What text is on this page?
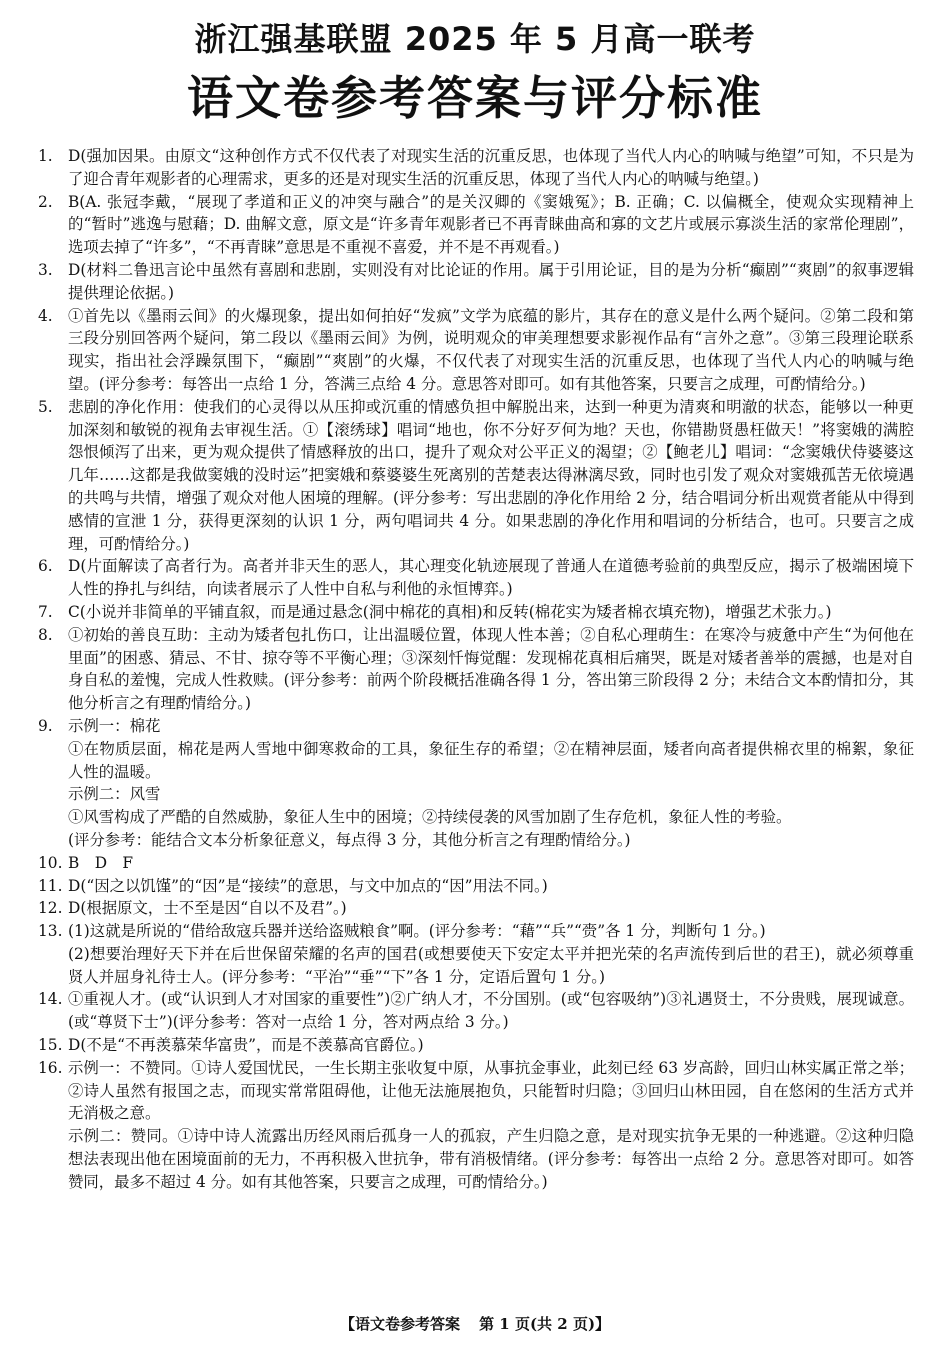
浙江强基联盟 2025 年 5 月高一联考
语文卷参考答案与评分标准
1. D(强加因果。由原文“这种创作方式不仅代表了对现实生活的沉重反思，也体现了当代人内心的呐喊与绝望”可知，不只是为了迎合青年观影者的心理需求，更多的还是对现实生活的沉重反思，体现了当代人内心的呐喊与绝望。)
2. B(A. 张冠李戴，“展现了孝道和正义的冲突与融合”的是关汉卿的《窦娥冤》；B. 正确；C. 以偏概全，使观众实现精神上的“暂时”逃逸与慰藉；D. 曲解文意，原文是“许多青年观影者已不再青睐曲高和寡的文艺片或展示寡淡生活的家常伦理剧”，选项去掉了“许多”，“不再青睐”意思是不重视不喜爱，并不是不再观看。)
3. D(材料二鲁迅言论中虽然有喜剧和悲剧，实则没有对比论证的作用。属于引用论证，目的是为分析“癫剧”“爽剧”的叙事逻辑提供理论依据。)
4. ①首先以《墨雨云间》的火爆现象，提出如何拍好“发疯”文学为底蕴的影片，其存在的意义是什么两个疑问。②第二段和第三段分别回答两个疑问，第二段以《墨雨云间》为例，说明观众的审美理想要求影视作品有“言外之意”。③第三段理论联系现实，指出社会浮躁氛围下，“癫剧”“爽剧”的火爆，不仅代表了对现实生活的沉重反思，也体现了当代人内心的呐喊与绝望。(评分参考：每答出一点给 1 分，答满三点给 4 分。意思答对即可。如有其他答案，只要言之成理，可酌情给分。)
5. 悲剧的净化作用：使我们的心灵得以从压抑或沉重的情感负担中解脱出来，达到一种更为清爽和明澈的状态，能够以一种更加深刻和敏锐的视角去审视生活。①【滚绣球】唱词“地也，你不分好歹何为地？天也，你错勘贤愚枉做天！”将窦娥的满腔怨恨倾泻了出来，更为观众提供了情感释放的出口，提升了观众对公平正义的渴望；②【鲍老儿】唱词：“念窦娥伏侍婆婆这几年……这都是我做窦娥的没时运”把窦娥和蔡婆婆生死离别的苦楚表达得淋漓尽致，同时也引发了观众对窦娥孤苦无依境遇的共鸣与共情，增强了观众对他人困境的理解。(评分参考：写出悲剧的净化作用给 2 分，结合唱词分析出观赏者能从中得到感情的宣泄 1 分，获得更深刻的认识 1 分，两句唱词共 4 分。如果悲剧的净化作用和唱词的分析结合，也可。只要言之成理，可酌情给分。)
6. D(片面解读了高者行为。高者并非天生的恶人，其心理变化轨迹展现了普通人在道德考验前的典型反应，揭示了极端困境下人性的挣扎与纠结，向读者展示了人性中自私与利他的永恒博弈。)
7. C(小说并非简单的平铺直叙，而是通过悬念(洞中棉花的真相)和反转(棉花实为矮者棉衣填充物)，增强艺术张力。)
8. ①初始的善良互助：主动为矮者包扎伤口，让出温暖位置，体现人性本善；②自私心理萌生：在寒冷与疲惫中产生“为何他在里面”的困惑、猜忌、不甘、掠夺等不平衡心理；③深刻忏悔觉醒：发现棉花真相后痛哭，既是对矮者善举的震撼，也是对自身自私的羞愧，完成人性救赎。(评分参考：前两个阶段概括准确各得 1 分，答出第三阶段得 2 分；未结合文本酌情扣分，其他分析言之有理酌情给分。)
9. 示例一：棉花
①在物质层面，棉花是两人雪地中御寒救命的工具，象征生存的希望；②在精神层面，矮者向高者提供棉衣里的棉絮，象征人性的温暖。
示例二：风雪
①风雪构成了严酷的自然威胁，象征人生中的困境；②持续侵袭的风雪加剧了生存危机，象征人性的考验。
(评分参考：能结合文本分析象征意义，每点得 3 分，其他分析言之有理酌情给分。)
10. B　D　F
11. D(“因之以饥馑”的“因”是“接续”的意思，与文中加点的“因”用法不同。)
12. D(根据原文，士不至是因“自以不及君”。)
13. (1)这就是所说的“借给敌寇兵器并送给盗贼粮食”啊。(评分参考：“藉”“兵”“赍”各 1 分，判断句 1 分。)
(2)想要治理好天下并在后世保留荣耀的名声的国君(或想要使天下安定太平并把光荣的名声流传到后世的君王)，就必须尊重贤人并屈身礼待士人。(评分参考：“平治”“垂”“下”各 1 分，定语后置句 1 分。)
14. ①重视人才。(或“认识到人才对国家的重要性”)②广纳人才，不分国别。(或“包容吸纳”)③礼遇贤士，不分贵贱，展现诚意。(或“尊贤下士”)(评分参考：答对一点给 1 分，答对两点给 3 分。)
15. D(不是“不再羡慕荣华富贵”，而是不羡慕高官爵位。)
16. 示例一：不赞同。①诗人爱国忧民，一生长期主张收复中原，从事抗金事业，此刻已经 63 岁高龄，回归山林实属正常之举；②诗人虽然有报国之志，而现实常常阻碍他，让他无法施展抱负，只能暂时归隐；③回归山林田园，自在悠闲的生活方式并无消极之意。
示例二：赞同。①诗中诗人流露出历经风雨后孤身一人的孤寂，产生归隐之意，是对现实抗争无果的一种逃避。②这种归隐想法表现出他在困境面前的无力，不再积极入世抗争，带有消极情绪。(评分参考：每答出一点给 2 分。意思答对即可。如答赞同，最多不超过 4 分。如有其他答案，只要言之成理，可酌情给分。)
【语文卷参考答案 第 1 页(共 2 页)】
